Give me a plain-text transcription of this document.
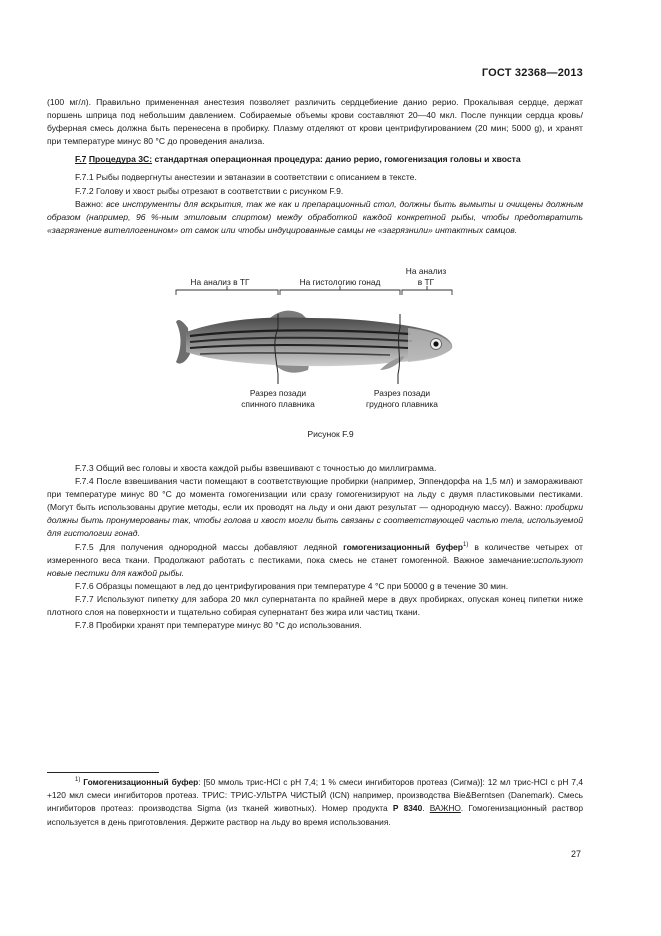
ГОСТ 32368—2013

(100 мг/л). Правильно примененная анестезия позволяет различить сердцебиение данио рерио. Прокалывая сердце, держат поршень шприца под небольшим давлением. Собираемые объемы крови составляют 20—40 мкл. После пункции сердца кровь/буферная смесь должна быть перенесена в пробирку. Плазму отделяют от крови центрифугированием (20 мин; 5000 g), и хранят при температуре минус 80 °С до проведения анализа.

F.7 Процедура 3С: стандартная операционная процедура: данио рерио, гомогенизация головы и хвоста

F.7.1 Рыбы подвергнуты анестезии и эвтаназии в соответствии с описанием в тексте.

F.7.2 Голову и хвост рыбы отрезают в соответствии с рисунком F.9.

Важно: все инструменты для вскрытия, так же как и препарационный стол, должны быть вымыты и очищены должным образом (например, 96 %-ным этиловым спиртом) между обработкой каждой конкретной рыбы, чтобы предотвратить «загрязнение вителлогенином» от самок или чтобы индуцированные самцы не «загрязнили» интактных самцов.

На анализ в ТГ	На гистологию гонад
На анализ
в ТГ
Разрез позади
спинного плавника
Разрез позади
грудного плавника
Рисунок F.9

F.7.3 Общий вес головы и хвоста каждой рыбы взвешивают с точностью до миллиграмма.

F.7.4 После взвешивания части помещают в соответствующие пробирки (например, Эппендорфа на 1,5 мл) и замораживают при температуре минус 80 °С до момента гомогенизации или сразу гомогенизируют на льду с двумя пластиковыми пестиками. (Могут быть использованы другие методы, если их проводят на льду и они дают результат — однородную массу). Важно: пробирки должны быть пронумерованы так, чтобы голова и хвост могли быть связаны с соответствующей частью тела, используемой для гистологии гонад.

F.7.5 Для получения однородной массы добавляют ледяной гомогенизационный буфер$^{1)}$ в количестве четырех от измеренного веса ткани. Продолжают работать с пестиками, пока смесь не станет гомогенной. Важное замечание:используют новые пестики для каждой рыбы.

F.7.6 Образцы помещают в лед до центрифугирования при температуре 4 °С при 50000 g в течение 30 мин.

F.7.7 Используют пипетку для забора 20 мкл супернатанта по крайней мере в двух пробирках, опуская конец пипетки ниже плотного слоя на поверхности и тщательно собирая супернатант без жира или частиц ткани.

F.7.8 Пробирки хранят при температуре минус 80 °С до использования.

$^{1)}$ Гомогенизационный буфер: [50 ммоль трис-HCl с pH 7,4; 1 % смеси ингибиторов протеаз (Сигма)]: 12 мл трис-HCl с pH 7,4 +120 мкл смеси ингибиторов протеаз. ТРИС: ТРИС-УЛЬТРА ЧИСТЫЙ (ICN) например, производства Bie&Berntsen (Danemark). Смесь ингибиторов протеаз: производства Sigma (из тканей животных). Номер продукта Р 8340. ВАЖНО. Гомогенизационный раствор используется в день приготовления. Держите раствор на льду во время использования.
27
